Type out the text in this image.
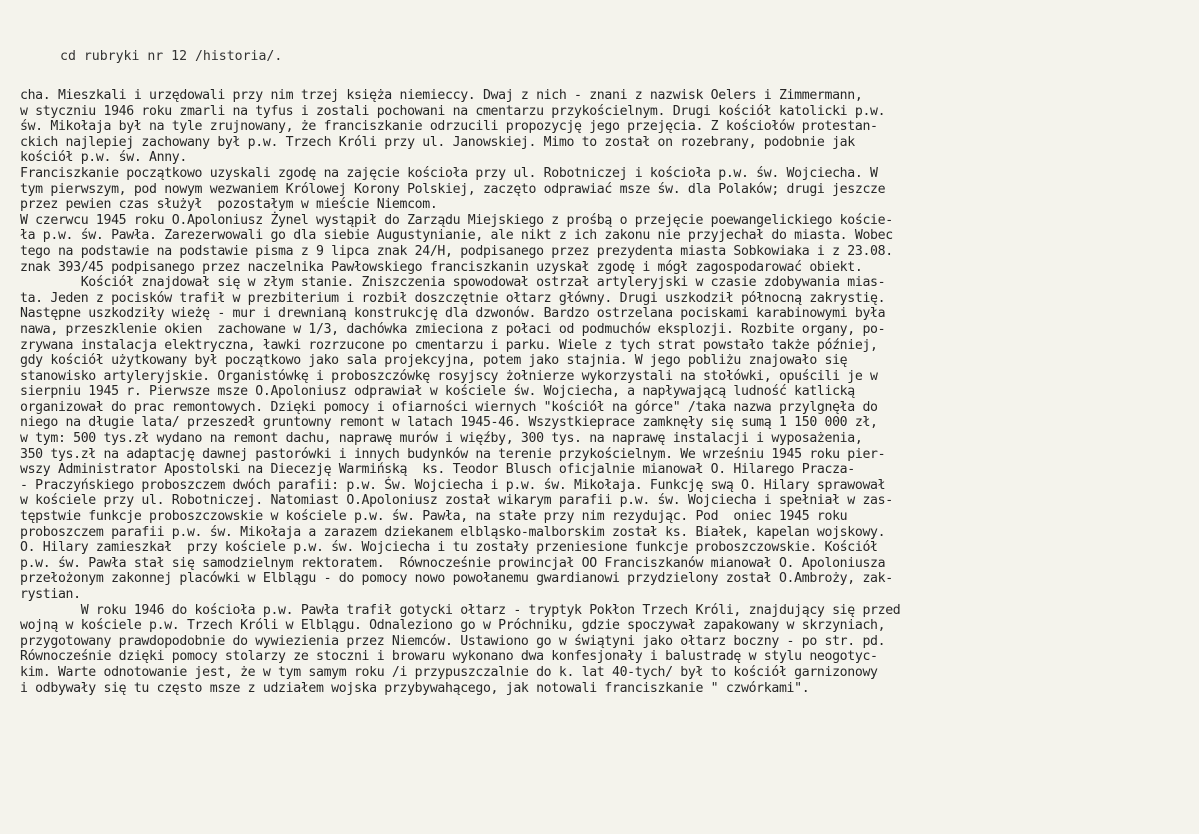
cd rubryki nr 12 /historia/.
cha. Mieszkali i urzędowali przy nim trzej księża niemieccy. Dwaj z nich - znani z nazwisk Oelers i Zimmermann,
w styczniu 1946 roku zmarli na tyfus i zostali pochowani na cmentarzu przykościelnym. Drugi kościół katolicki p.w.
św. Mikołaja był na tyle zrujnowany, że franciszkanie odrzucili propozycję jego przejęcia. Z kościołów protestan-
ckich najlepiej zachowany był p.w. Trzech Króli przy ul. Janowskiej. Mimo to został on rozebrany, podobnie jak
kościół p.w. św. Anny.
Franciszkanie początkowo uzyskali zgodę na zajęcie kościoła przy ul. Robotniczej i kościoła p.w. św. Wojciecha. W
tym pierwszym, pod nowym wezwaniem Królowej Korony Polskiej, zaczęto odprawiać msze św. dla Polaków; drugi jeszcze
przez pewien czas służył  pozostałym w mieście Niemcom.
W czerwcu 1945 roku O.Apoloniusz Żynel wystąpił do Zarządu Miejskiego z prośbą o przejęcie poewangelickiego koście-
ła p.w. św. Pawła. Zarezerwowali go dla siebie Augustynianie, ale nikt z ich zakonu nie przyjechał do miasta. Wobec
tego na podstawie na podstawie pisma z 9 lipca znak 24/H, podpisanego przez prezydenta miasta Sobkowiaka i z 23.08.
znak 393/45 podpisanego przez naczelnika Pawłowskiego franciszkanin uzyskał zgodę i mógł zagospodarować obiekt.
Kościół znajdował się w złym stanie. Zniszczenia spowodował ostrzał artyleryjski w czasie zdobywania mias-
ta. Jeden z pocisków trafił w prezbiterium i rozbił doszczętnie ołtarz główny. Drugi uszkodził północną zakrystię.
Następne uszkodziły wieżę - mur i drewnianą konstrukcję dla dzwonów. Bardzo ostrzelana pociskami karabinowymi była
nawa, przeszklenie okien  zachowane w 1/3, dachówka zmieciona z połaci od podmuchów eksplozji. Rozbite organy, po-
zrywana instalacja elektryczna, ławki rozrzucone po cmentarzu i parku. Wiele z tych strat powstało także później,
gdy kościół użytkowany był początkowo jako sala projekcyjna, potem jako stajnia. W jego pobliżu znajowało się
stanowisko artyleryjskie. Organistówkę i proboszczówkę rosyjscy żołnierze wykorzystali na stołówki, opuścili je w
sierpniu 1945 r. Pierwsze msze O.Apoloniusz odprawiał w kościele św. Wojciecha, a napływającą ludność katlicką
organizował do prac remontowych. Dzięki pomocy i ofiarności wiernych "kościół na górce" /taka nazwa przylgnęła do
niego na długie lata/ przeszedł gruntowny remont w latach 1945-46. Wszystkieprace zamknęły się sumą 1 150 000 zł,
w tym: 500 tys.zł wydano na remont dachu, naprawę murów i więźby, 300 tys. na naprawę instalacji i wyposażenia,
350 tys.zł na adaptację dawnej pastorówki i innych budynków na terenie przykościelnym. We wrześniu 1945 roku pier-
wszy Administrator Apostolski na Diecezję Warmińską  ks. Teodor Blusch oficjalnie mianował O. Hilarego Pracza-
- Praczyńskiego proboszczem dwóch parafii: p.w. Św. Wojciecha i p.w. św. Mikołaja. Funkcję swą O. Hilary sprawował
w kościele przy ul. Robotniczej. Natomiast O.Apoloniusz został wikarym parafii p.w. św. Wojciecha i spełniał w zas-
tępstwie funkcje proboszczowskie w kościele p.w. św. Pawła, na stałe przy nim rezydując. Pod  oniec 1945 roku
proboszczem parafii p.w. św. Mikołaja a zarazem dziekanem elbląsko-malborskim został ks. Białek, kapelan wojskowy.
O. Hilary zamieszkał  przy kościele p.w. św. Wojciecha i tu zostały przeniesione funkcje proboszczowskie. Kościół
p.w. św. Pawła stał się samodzielnym rektoratem.  Równocześnie prowincjał OO Franciszkanów mianował O. Apoloniusza
przełożonym zakonnej placówki w Elblągu - do pomocy nowo powołanemu gwardianowi przydzielony został O.Ambroży, zak-
rystian.
W roku 1946 do kościoła p.w. Pawła trafił gotycki ołtarz - tryptyk Pokłon Trzech Króli, znajdujący się przed
wojną w kościele p.w. Trzech Króli w Elblągu. Odnaleziono go w Próchniku, gdzie spoczywał zapakowany w skrzyniach,
przygotowany prawdopodobnie do wywiezienia przez Niemców. Ustawiono go w świątyni jako ołtarz boczny - po str. pd.
Równocześnie dzięki pomocy stolarzy ze stoczni i browaru wykonano dwa konfesjonały i balustradę w stylu neogotyc-
kim. Warte odnotowanie jest, że w tym samym roku /i przypuszczalnie do k. lat 40-tych/ był to kościół garnizonowy
i odbywały się tu często msze z udziałem wojska przybywahącego, jak notowali franciszkanie " czwórkami".
